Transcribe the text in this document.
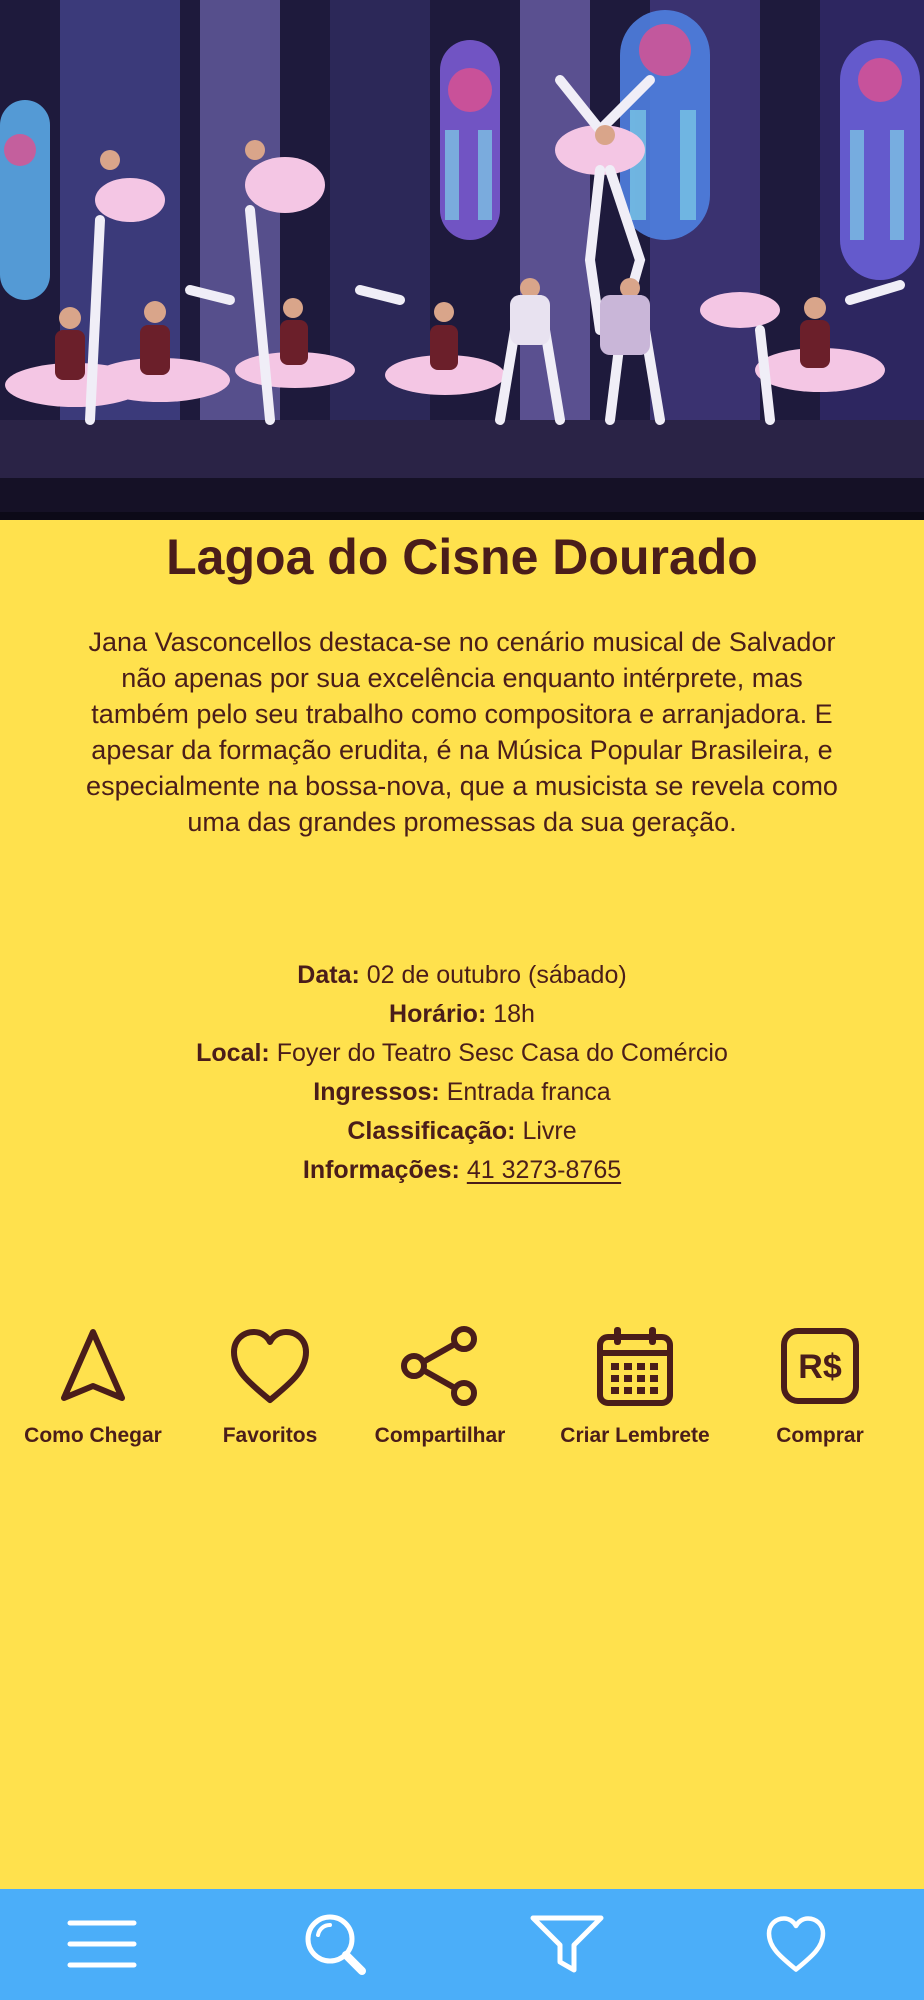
Lagoa do Cisne Dourado

Jana Vasconcellos destaca-se no cenário musical de Salvador não apenas por sua excelência enquanto intérprete, mas também pelo seu trabalho como compositora e arranjadora. E apesar da formação erudita, é na Música Popular Brasileira, e especialmente na bossa-nova, que a musicista se revela como uma das grandes promessas da sua geração.

Data: 02 de outubro (sábado)
Horário: 18h
Local: Foyer do Teatro Sesc Casa do Comércio
Ingressos: Entrada franca
Classificação: Livre
Informações: 41 3273-8765
Como Chegar	Favoritos	Compartilhar	Criar Lembrete
R$
Comprar
